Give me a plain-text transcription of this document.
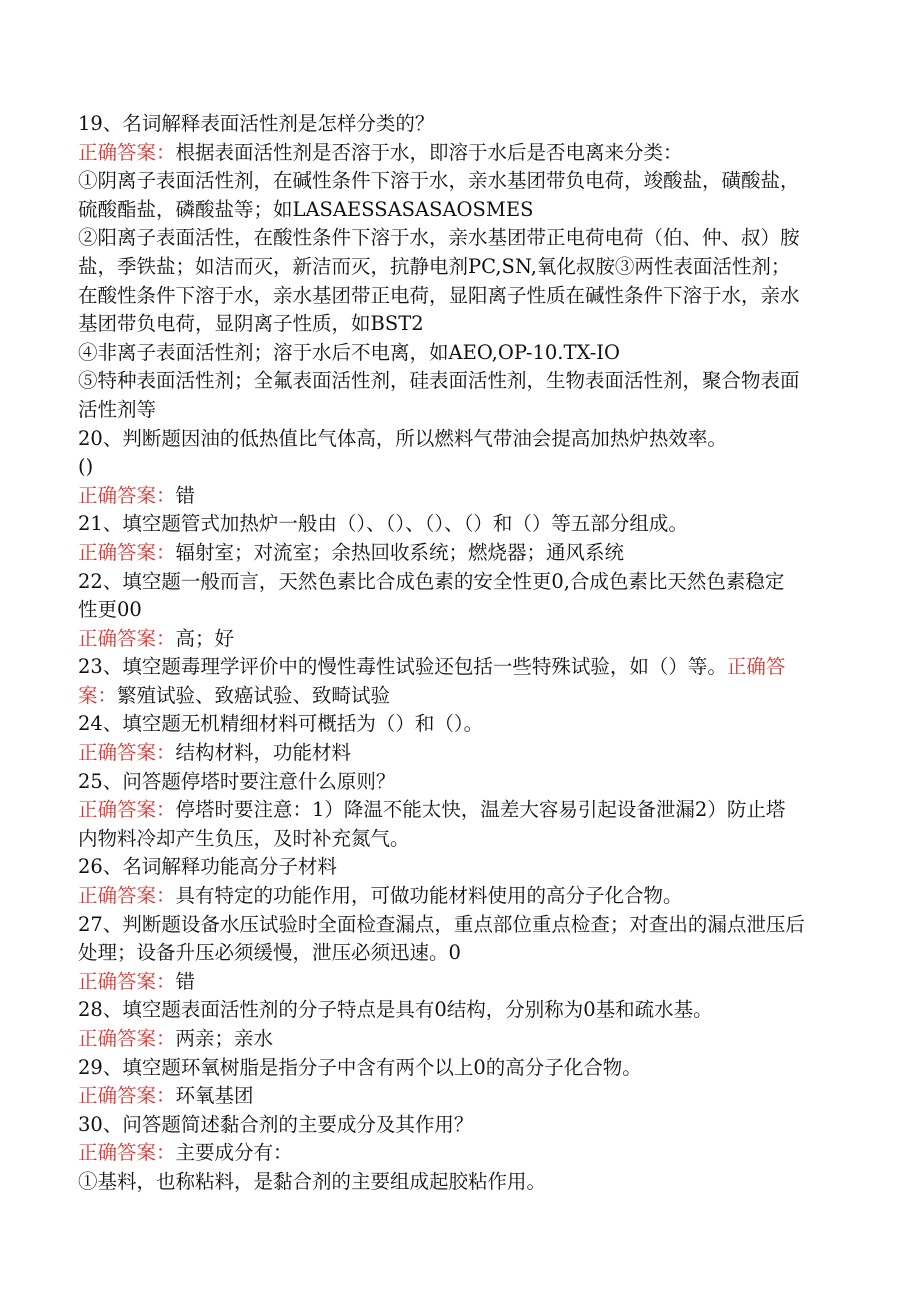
19、名词解释表面活性剂是怎样分类的？
正确答案：根据表面活性剂是否溶于水，即溶于水后是否电离来分类：
①阴离子表面活性剂，在碱性条件下溶于水，亲水基团带负电荷，竣酸盐，磺酸盐，
硫酸酯盐，磷酸盐等；如LASAESSASASAOSMES
②阳离子表面活性，在酸性条件下溶于水，亲水基团带正电荷电荷（伯、仲、叔）胺
盐，季铁盐；如洁而灭，新洁而灭，抗静电剂PC,SN,氧化叔胺③两性表面活性剂；
在酸性条件下溶于水，亲水基团带正电荷，显阳离子性质在碱性条件下溶于水，亲水
基团带负电荷，显阴离子性质，如BST2
④非离子表面活性剂；溶于水后不电离，如AEO,OP-10.TX-IO
⑤特种表面活性剂；全氟表面活性剂，硅表面活性剂，生物表面活性剂，聚合物表面
活性剂等
20、判断题因油的低热值比气体高，所以燃料气带油会提高加热炉热效率。
()
正确答案：错
21、填空题管式加热炉一般由（）、（）、（）、（）和（）等五部分组成。
正确答案：辐射室；对流室；余热回收系统；燃烧器；通风系统
22、填空题一般而言，天然色素比合成色素的安全性更0,合成色素比天然色素稳定
性更00
正确答案：高；好
23、填空题毒理学评价中的慢性毒性试验还包括一些特殊试验，如（）等。正确答
案：繁殖试验、致癌试验、致畸试验
24、填空题无机精细材料可概括为（）和（）。
正确答案：结构材料，功能材料
25、问答题停塔时要注意什么原则？
正确答案：停塔时要注意：1）降温不能太快，温差大容易引起设备泄漏2）防止塔
内物料冷却产生负压，及时补充氮气。
26、名词解释功能高分子材料
正确答案：具有特定的功能作用，可做功能材料使用的高分子化合物。
27、判断题设备水压试验时全面检查漏点，重点部位重点检查；对查出的漏点泄压后
处理；设备升压必须缓慢，泄压必须迅速。0
正确答案：错
28、填空题表面活性剂的分子特点是具有0结构，分别称为0基和疏水基。
正确答案：两亲；亲水
29、填空题环氧树脂是指分子中含有两个以上0的高分子化合物。
正确答案：环氧基团
30、问答题简述黏合剂的主要成分及其作用？
正确答案：主要成分有：
①基料，也称粘料，是黏合剂的主要组成起胶粘作用。
